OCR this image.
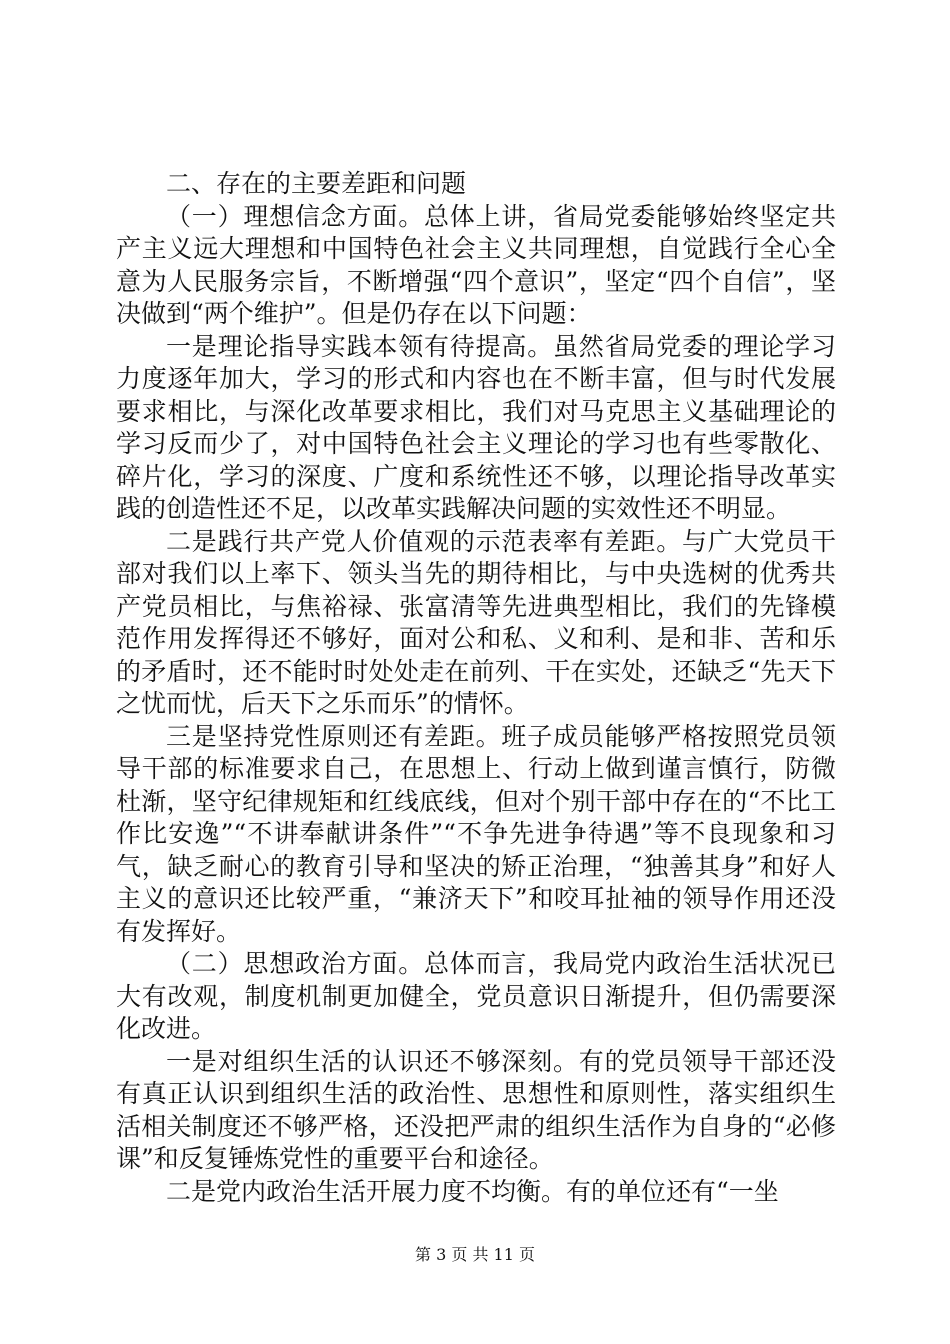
二、存在的主要差距和问题

（一）理想信念方面。总体上讲，省局党委能够始终坚定共产主义远大理想和中国特色社会主义共同理想，自觉践行全心全意为人民服务宗旨，不断增强“四个意识”，坚定“四个自信”，坚决做到“两个维护”。但是仍存在以下问题：

一是理论指导实践本领有待提高。虽然省局党委的理论学习力度逐年加大，学习的形式和内容也在不断丰富，但与时代发展要求相比，与深化改革要求相比，我们对马克思主义基础理论的学习反而少了，对中国特色社会主义理论的学习也有些零散化、碎片化，学习的深度、广度和系统性还不够，以理论指导改革实践的创造性还不足，以改革实践解决问题的实效性还不明显。

二是践行共产党人价值观的示范表率有差距。与广大党员干部对我们以上率下、领头当先的期待相比，与中央选树的优秀共产党员相比，与焦裕禄、张富清等先进典型相比，我们的先锋模范作用发挥得还不够好，面对公和私、义和利、是和非、苦和乐的矛盾时，还不能时时处处走在前列、干在实处，还缺乏“先天下之忧而忧，后天下之乐而乐”的情怀。

三是坚持党性原则还有差距。班子成员能够严格按照党员领导干部的标准要求自己，在思想上、行动上做到谨言慎行，防微杜渐，坚守纪律规矩和红线底线，但对个别干部中存在的“不比工作比安逸”“不讲奉献讲条件”“不争先进争待遇”等不良现象和习气，缺乏耐心的教育引导和坚决的矫正治理，“独善其身”和好人主义的意识还比较严重，“兼济天下”和咬耳扯袖的领导作用还没有发挥好。

（二）思想政治方面。总体而言，我局党内政治生活状况已大有改观，制度机制更加健全，党员意识日渐提升，但仍需要深化改进。

一是对组织生活的认识还不够深刻。有的党员领导干部还没有真正认识到组织生活的政治性、思想性和原则性，落实组织生活相关制度还不够严格，还没把严肃的组织生活作为自身的“必修课”和反复锤炼党性的重要平台和途径。

二是党内政治生活开展力度不均衡。有的单位还有“一坐

第 3 页 共 11 页
